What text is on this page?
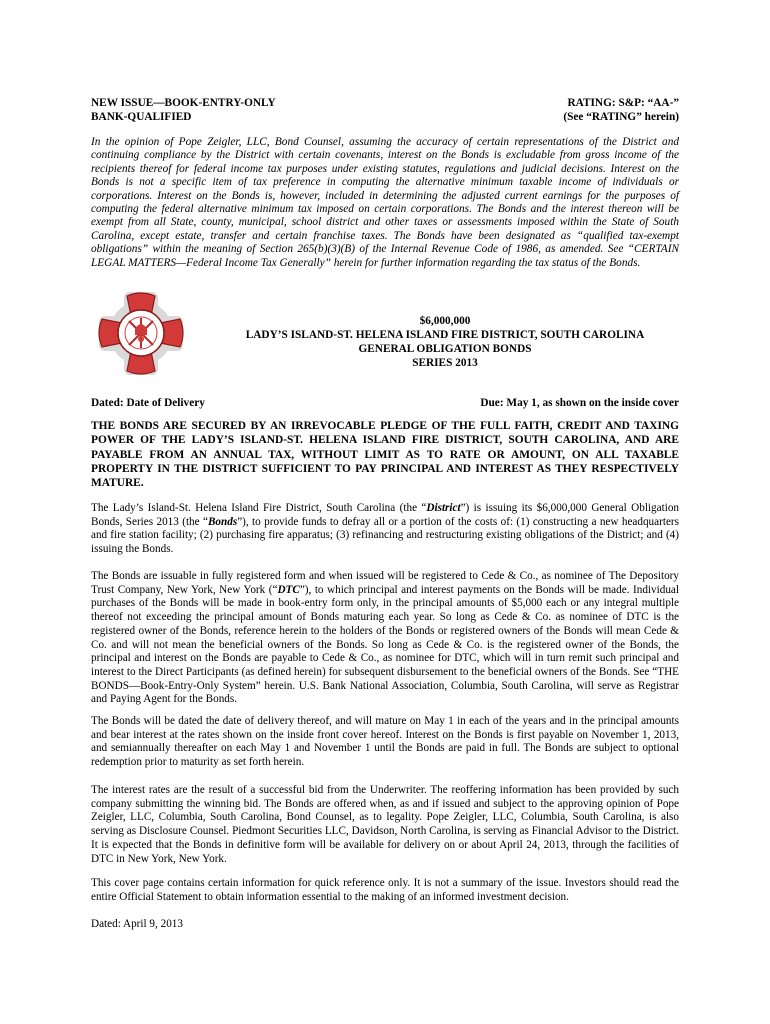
NEW ISSUE—BOOK-ENTRY-ONLY
BANK-QUALIFIED
RATING: S&P: “AA-”
(See “RATING” herein)
In the opinion of Pope Zeigler, LLC, Bond Counsel, assuming the accuracy of certain representations of the District and continuing compliance by the District with certain covenants, interest on the Bonds is excludable from gross income of the recipients thereof for federal income tax purposes under existing statutes, regulations and judicial decisions. Interest on the Bonds is not a specific item of tax preference in computing the alternative minimum taxable income of individuals or corporations. Interest on the Bonds is, however, included in determining the adjusted current earnings for the purposes of computing the federal alternative minimum tax imposed on certain corporations. The Bonds and the interest thereon will be exempt from all State, county, municipal, school district and other taxes or assessments imposed within the State of South Carolina, except estate, transfer and certain franchise taxes. The Bonds have been designated as “qualified tax-exempt obligations” within the meaning of Section 265(b)(3)(B) of the Internal Revenue Code of 1986, as amended. See “CERTAIN LEGAL MATTERS—Federal Income Tax Generally” herein for further information regarding the tax status of the Bonds.
$6,000,000
LADY’S ISLAND-ST. HELENA ISLAND FIRE DISTRICT, SOUTH CAROLINA
GENERAL OBLIGATION BONDS
SERIES 2013
Dated: Date of Delivery	Due: May 1, as shown on the inside cover
THE BONDS ARE SECURED BY AN IRREVOCABLE PLEDGE OF THE FULL FAITH, CREDIT AND TAXING POWER OF THE LADY’S ISLAND-ST. HELENA ISLAND FIRE DISTRICT, SOUTH CAROLINA, AND ARE PAYABLE FROM AN ANNUAL TAX, WITHOUT LIMIT AS TO RATE OR AMOUNT, ON ALL TAXABLE PROPERTY IN THE DISTRICT SUFFICIENT TO PAY PRINCIPAL AND INTEREST AS THEY RESPECTIVELY MATURE.
The Lady’s Island-St. Helena Island Fire District, South Carolina (the “District”) is issuing its $6,000,000 General Obligation Bonds, Series 2013 (the “Bonds”), to provide funds to defray all or a portion of the costs of: (1) constructing a new headquarters and fire station facility; (2) purchasing fire apparatus; (3) refinancing and restructuring existing obligations of the District; and (4) issuing the Bonds.
The Bonds are issuable in fully registered form and when issued will be registered to Cede & Co., as nominee of The Depository Trust Company, New York, New York (“DTC”), to which principal and interest payments on the Bonds will be made. Individual purchases of the Bonds will be made in book-entry form only, in the principal amounts of $5,000 each or any integral multiple thereof not exceeding the principal amount of Bonds maturing each year. So long as Cede & Co. as nominee of DTC is the registered owner of the Bonds, reference herein to the holders of the Bonds or registered owners of the Bonds will mean Cede & Co. and will not mean the beneficial owners of the Bonds. So long as Cede & Co. is the registered owner of the Bonds, the principal and interest on the Bonds are payable to Cede & Co., as nominee for DTC, which will in turn remit such principal and interest to the Direct Participants (as defined herein) for subsequent disbursement to the beneficial owners of the Bonds. See “THE BONDS—Book-Entry-Only System” herein. U.S. Bank National Association, Columbia, South Carolina, will serve as Registrar and Paying Agent for the Bonds.
The Bonds will be dated the date of delivery thereof, and will mature on May 1 in each of the years and in the principal amounts and bear interest at the rates shown on the inside front cover hereof. Interest on the Bonds is first payable on November 1, 2013, and semiannually thereafter on each May 1 and November 1 until the Bonds are paid in full. The Bonds are subject to optional redemption prior to maturity as set forth herein.
The interest rates are the result of a successful bid from the Underwriter. The reoffering information has been provided by such company submitting the winning bid. The Bonds are offered when, as and if issued and subject to the approving opinion of Pope Zeigler, LLC, Columbia, South Carolina, Bond Counsel, as to legality. Pope Zeigler, LLC, Columbia, South Carolina, is also serving as Disclosure Counsel. Piedmont Securities LLC, Davidson, North Carolina, is serving as Financial Advisor to the District. It is expected that the Bonds in definitive form will be available for delivery on or about April 24, 2013, through the facilities of DTC in New York, New York.
This cover page contains certain information for quick reference only. It is not a summary of the issue. Investors should read the entire Official Statement to obtain information essential to the making of an informed investment decision.
Dated: April 9, 2013
